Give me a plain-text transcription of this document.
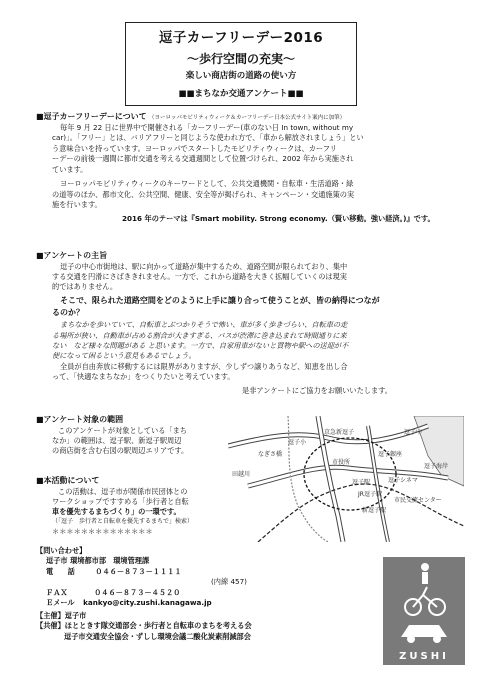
逗子カーフリーデー2016
～歩行空間の充実～
楽しい商店街の道路の使い方
■■まちなか交通アンケート■■
■逗子カーフリーデーについて （ヨーロッパモビリティウィーク＆カーフリーデー日本公式サイト案内に加筆）
毎年 9 月 22 日に世界中で開催される「カーフリーデー(車のない日 In town, without my
car)」。「フリー」とは、バリアフリーと同じような使われ方で、「車から解放されましょう」とい
う意味合いを持っています。ヨーロッパでスタートしたモビリティウィークは、カーフリ
ーデーの前後一週間に都市交通を考える交通週間として位置づけられ、2002 年から実施され
ています。
ヨーロッパモビリティウィークのキーワードとして、公共交通機関・自転車・生活道路・緑
の道等のほか、都市文化、公共空間、健康、安全等が掲げられ、キャンペーン・交通施策の実
施を行います。
2016 年のテーマは『Smart mobility. Strong economy.（賢い移動。強い経済。)』です。
■アンケートの主旨
逗子の中心市街地は、駅に向かって道路が集中するため、道路空間が限られており、集中
する交通を円滑にさばききれません。一方で、これから道路を大きく拡幅していくのは現実
的ではありません。
そこで、限られた道路空間をどのように上手に譲り合って使うことが、皆の納得につなが
るのか？
まちなかを歩いていて、自転車とぶつかりそうで怖い、車が多く歩きづらい、自転車の走
る場所が狭い、自動車が占める割合が大きすぎる、バスが渋滞に巻き込まれて時間通りに来
ない　など様々な問題がある と思います。一方で、自家用車がないと買物や駅への送迎が不
便になって困るという意見もあるでしょう。
全員が自由奔放に移動するには限界がありますが、少しずつ譲りあうなど、知恵を出し合
って、「快適なまちなか」をつくりたいと考えています。
是非アンケートにご協力をお願いいたします。
■アンケート対象の範囲
このアンケートが対象としている「まち
なか」の範囲は、逗子駅、新逗子駅周辺
の商店街を含む右図の駅周辺エリアです。
■本活動について
この活動は、逗子市が関係市民団体との
ワークショップですすめる「歩行者と自転
車を優先するまちづくり」の一環です。
（「逗子　歩行者と自転車を優先するまちで」検索）
＊＊＊＊＊＊＊＊＊＊＊＊＊＊
【問い合わせ】
逗子市 環境都市部　環境管理課
電　　話	０４６－８７３－１１１１
(内線 457)
ＦＡＸ	０４６－８７３－４５２０
Ｅメール kankyo@city.zushi.kanagawa.jp
【主催】逗子市
【共催】ほとときす隊交通部会・歩行者と自転車のまちを考える会
逗子市交通安全協会・ずしし環境会議二酸化炭素削減部会
田越川
京急新逗子
逗子銀座
逗子中
市役所
逗子駅	逗子シネマ
新逗子駅
市民交流センター
逗子海岸
逗子小
JR逗子駅
なぎさ橋
ZUSHI
